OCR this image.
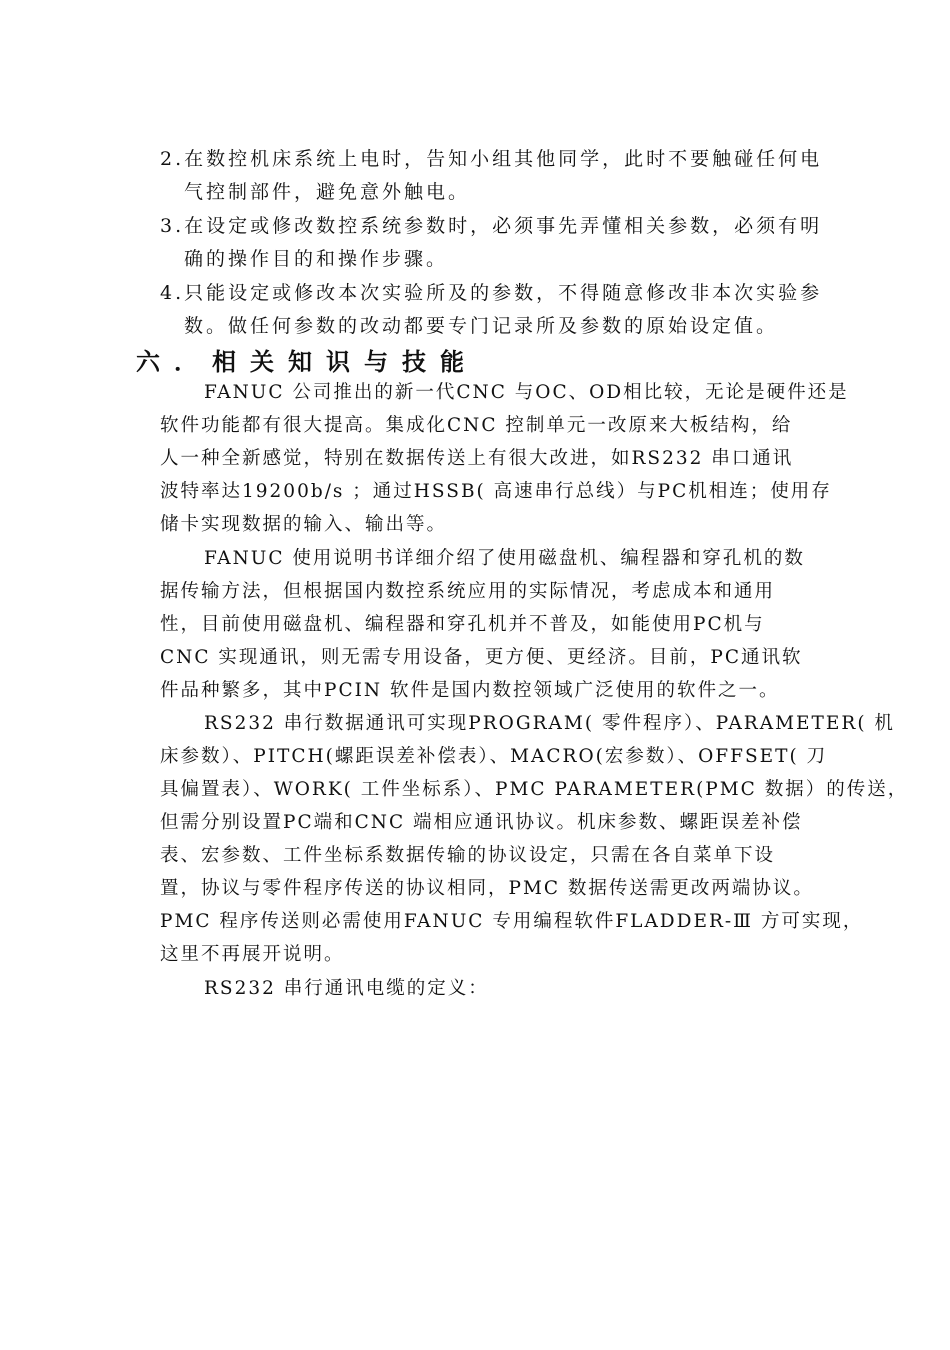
2.在数控机床系统上电时，告知小组其他同学，此时不要触碰任何电
气控制部件，避免意外触电。
3.在设定或修改数控系统参数时，必须事先弄懂相关参数，必须有明
确的操作目的和操作步骤。
4.只能设定或修改本次实验所及的参数，不得随意修改非本次实验参
数。做任何参数的改动都要专门记录所及参数的原始设定值。
六．相关知识与技能
FANUC 公司推出的新一代CNC 与OC、OD相比较，无论是硬件还是
软件功能都有很大提高。集成化CNC 控制单元一改原来大板结构，给
人一种全新感觉，特别在数据传送上有很大改进，如RS232 串口通讯
波特率达19200b/s ；通过HSSB( 高速串行总线）与PC机相连；使用存
储卡实现数据的输入、输出等。
FANUC 使用说明书详细介绍了使用磁盘机、编程器和穿孔机的数
据传输方法，但根据国内数控系统应用的实际情况，考虑成本和通用
性，目前使用磁盘机、编程器和穿孔机并不普及，如能使用PC机与
CNC 实现通讯，则无需专用设备，更方便、更经济。目前，PC通讯软
件品种繁多，其中PCIN 软件是国内数控领域广泛使用的软件之一。
RS232 串行数据通讯可实现PROGRAM( 零件程序）、PARAMETER( 机
床参数）、PITCH(螺距误差补偿表）、MACRO(宏参数）、OFFSET( 刀
具偏置表）、WORK( 工件坐标系）、PMC PARAMETER(PMC 数据）的传送，
但需分别设置PC端和CNC 端相应通讯协议。机床参数、螺距误差补偿
表、宏参数、工件坐标系数据传输的协议设定，只需在各自菜单下设
置，协议与零件程序传送的协议相同，PMC 数据传送需更改两端协议。
PMC 程序传送则必需使用FANUC 专用编程软件FLADDER-Ⅲ 方可实现，
这里不再展开说明。
RS232 串行通讯电缆的定义：
